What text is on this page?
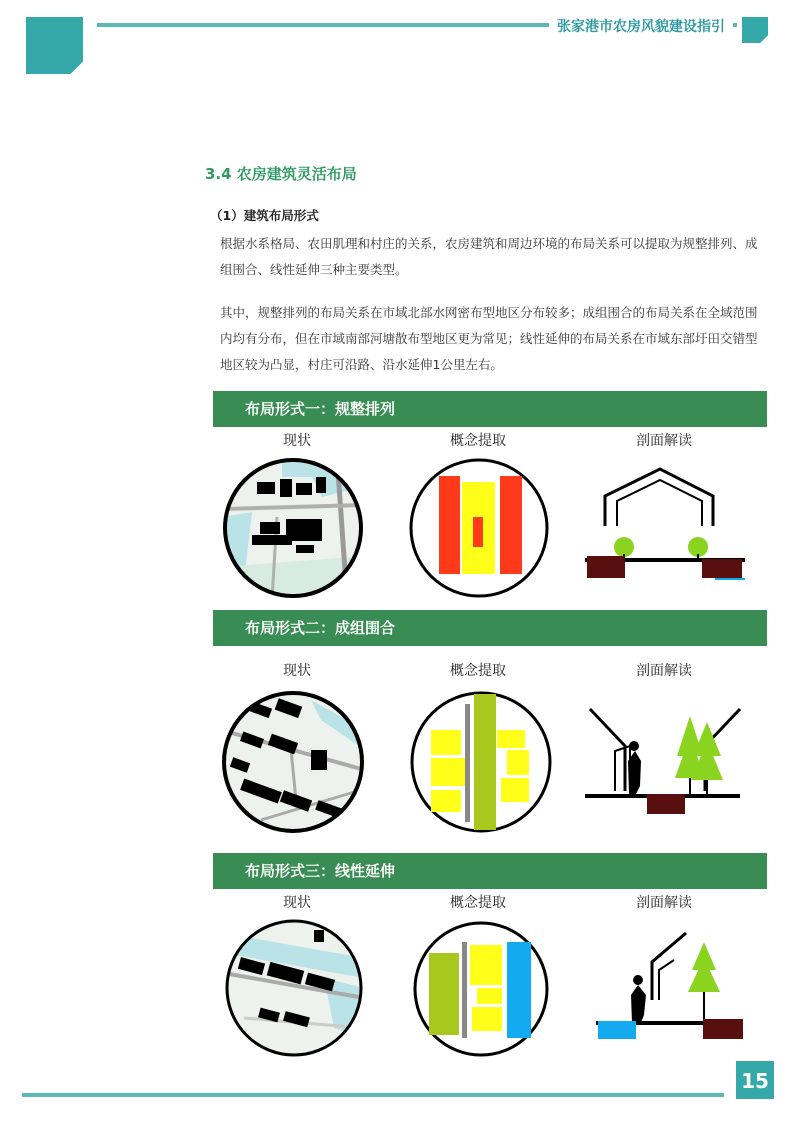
张家港市农房风貌建设指引
3.4 农房建筑灵活布局
（1）建筑布局形式
根据水系格局、农田肌理和村庄的关系，农房建筑和周边环境的布局关系可以提取为规整排列、成组围合、线性延伸三种主要类型。
其中，规整排列的布局关系在市域北部水网密布型地区分布较多；成组围合的布局关系在全域范围内均有分布，但在市域南部河塘散布型地区更为常见；线性延伸的布局关系在市域东部圩田交错型地区较为凸显，村庄可沿路、沿水延伸1公里左右。
布局形式一：规整排列
现状	概念提取	剖面解读
布局形式二：成组围合
现状	概念提取	剖面解读
布局形式三：线性延伸
现状	概念提取	剖面解读
15
